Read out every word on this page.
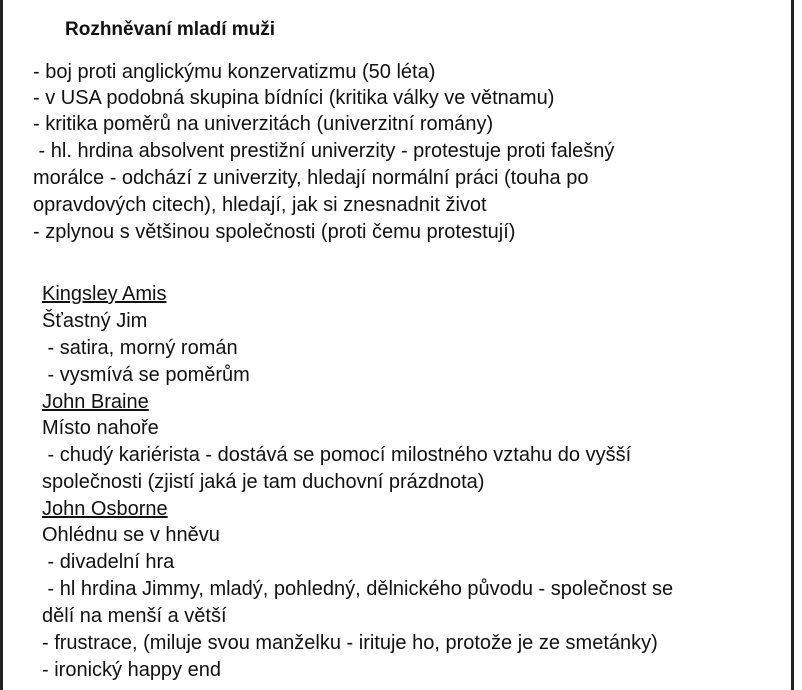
Rozhněvaní mladí muži
- boj proti anglickýmu konzervatizmu (50 léta)
- v USA podobná skupina bídníci (kritika války ve větnamu)
- kritika poměrů na univerzitách (univerzitní romány)
- hl. hrdina absolvent prestižní univerzity - protestuje proti falešný
morálce - odchází z univerzity, hledají normální práci (touha po
opravdových citech), hledají, jak si znesnadnit život
- zplynou s většinou společnosti (proti čemu protestují)
Kingsley Amis
Šťastný Jim
- satira, morný román
- vysmívá se poměrům
John Braine
Místo nahoře
- chudý kariérista - dostává se pomocí milostného vztahu do vyšší
společnosti (zjistí jaká je tam duchovní prázdnota)
John Osborne
Ohlédnu se v hněvu
- divadelní hra
- hl hrdina Jimmy, mladý, pohledný, dělnického původu - společnost se
dělí na menší a větší
- frustrace, (miluje svou manželku - irituje ho, protože je ze smetánky)
- ironický happy end
